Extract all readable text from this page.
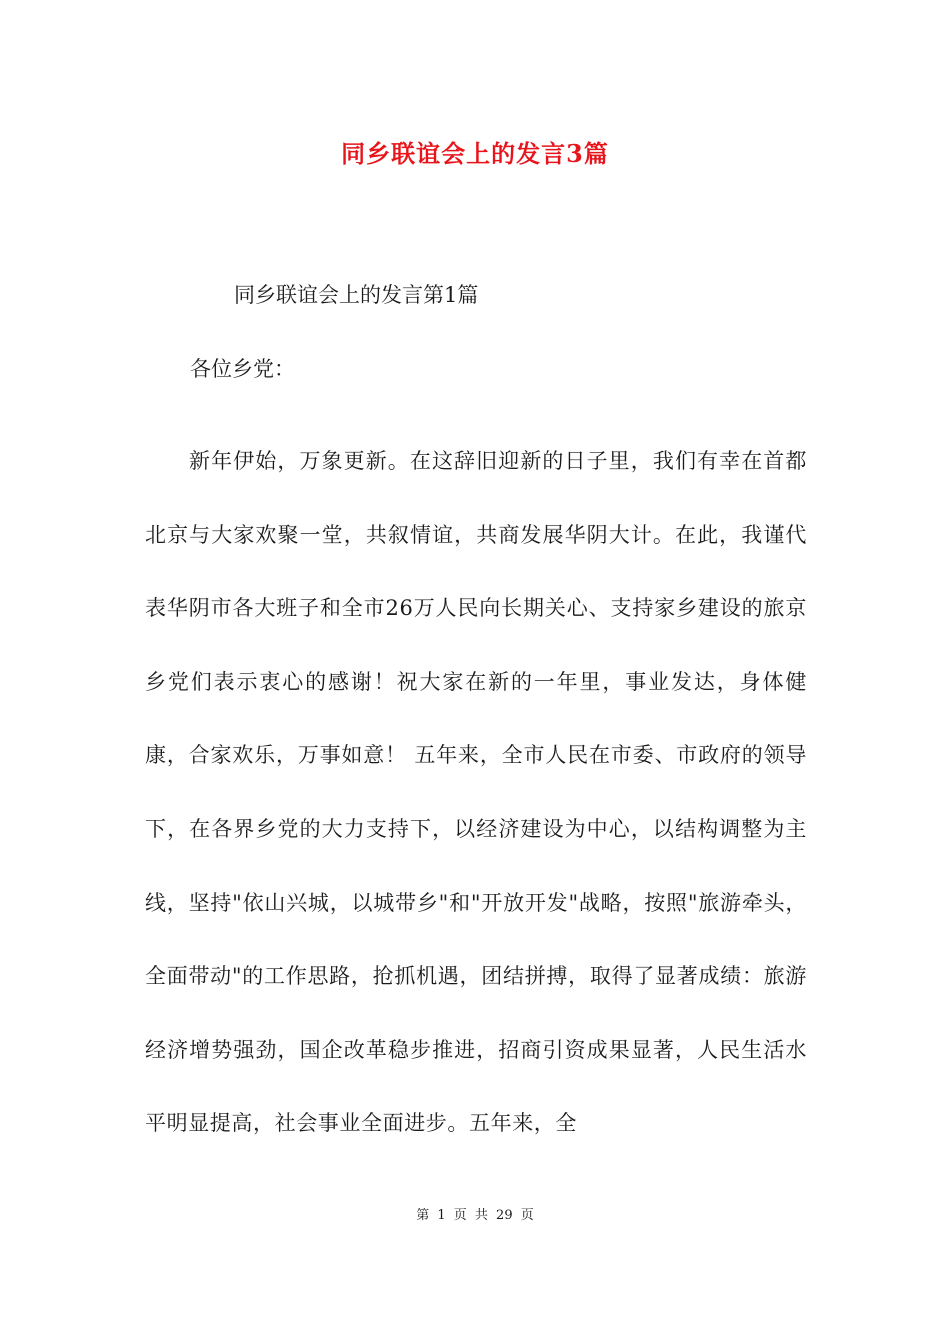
同乡联谊会上的发言3篇
同乡联谊会上的发言第1篇
各位乡党：

新年伊始，万象更新。在这辞旧迎新的日子里，我们有幸在首都北京与大家欢聚一堂，共叙情谊，共商发展华阴大计。在此，我谨代表华阴市各大班子和全市26万人民向长期关心、支持家乡建设的旅京乡党们表示衷心的感谢！祝大家在新的一年里，事业发达，身体健康，合家欢乐，万事如意！ 五年来，全市人民在市委、市政府的领导下，在各界乡党的大力支持下，以经济建设为中心，以结构调整为主线，坚持"依山兴城，以城带乡"和"开放开发"战略，按照"旅游牵头，全面带动"的工作思路，抢抓机遇，团结拼搏，取得了显著成绩：旅游经济增势强劲，国企改革稳步推进，招商引资成果显著，人民生活水平明显提高，社会事业全面进步。五年来，全

第 1 页 共 29 页
